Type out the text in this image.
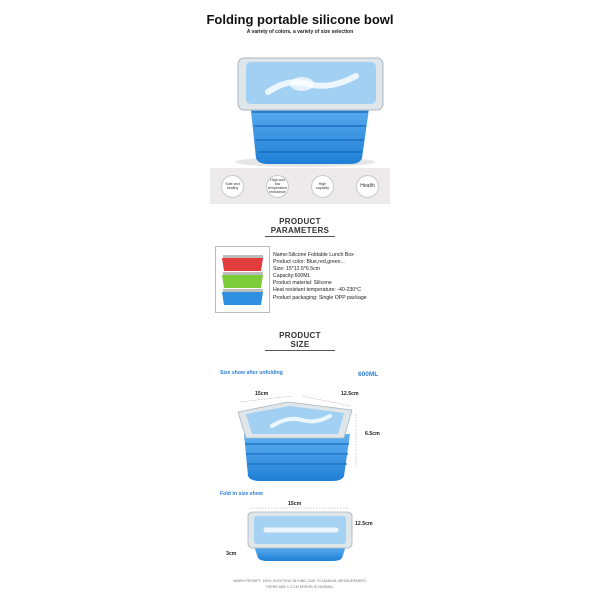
Folding portable silicone bowl
A variety of colors, a variety of size selection
Safe and healthy
High and low temperature resistance
High capacity	Health
PRODUCT
PARAMETERS
Name:Silicone Foldable Lunch Box
Product color: Blue,red,green...
Size: 15*12.5*6.5cm
Capacity:600ML
Product material: Silicone
Heat resistant temperature: -40-230°C
Product packaging: Single OPP package
PRODUCT
SIZE
Size show after unfolding	600ML
15cm	12.5cm
6.5cm
Fold in size show
15cm
12.5cm
3cm
WARM PROMPT: 100% SHOOTING IN KIND. DUE TO MANUAL MEASUREMENT,
THERE ARE 1-2 CM ERROR IS NORMAL.
